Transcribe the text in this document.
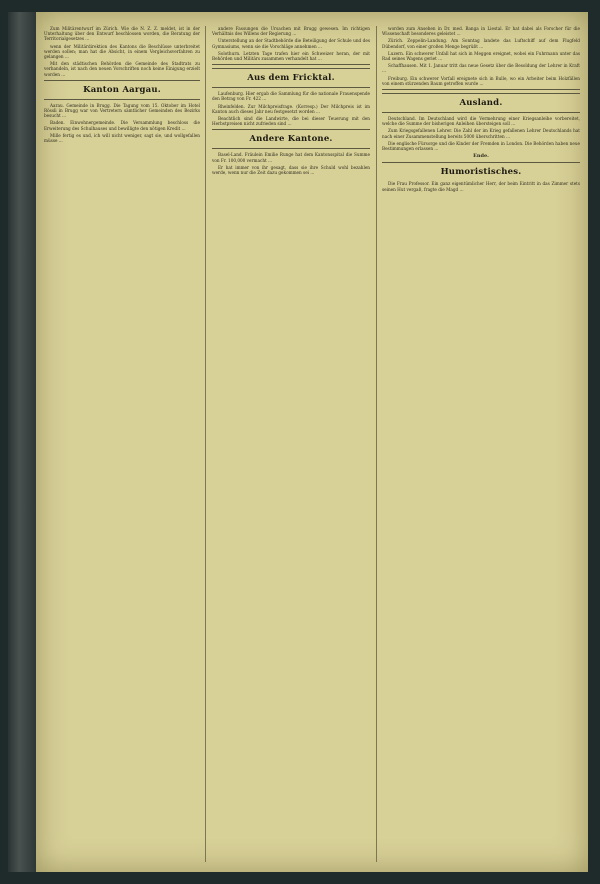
Zum Militärentwurf im Zürich. Wie die N. Z. Z. meldet, ist in der Unterhaltung über den Entwurf beschlossen worden, die Beratung der Territorialgesetzes ...

wenn der Militärdirektion des Kantons die Beschlüsse unterbreitet werden sollen; man hat die Absicht, in einem Vergleichsverfahren zu gelangen ...

Mit den städtischen Behörden die Gemeinde des Stadtrats zu verhandeln, ist nach den neuen Vorschriften noch keine Einigung erzielt worden ...

Kanton Aargau.

Aarau. Gemeinde in Brugg. Die Tagung vom 15. Oktober im Hotel Rössli in Brugg war von Vertretern sämtlicher Gemeinden des Bezirks besucht ...

Baden. Einwohnergemeinde. Die Versammlung beschloss die Erweiterung des Schulhauses und bewilligte den nötigen Kredit ...

Mille fertig es und, ich will nicht weniger, sagt sie, und wollgefallen müsse ...

andere Fassungen die Ursachen mit Brugg gewesen. Im richtigen Verhältnis des Willens der Regierung ...

Unterstellung an der Stadtbehörde die Beteiligung der Schule und des Gymnasiums, wenn sie die Vorschläge annehmen ...

Solothurn. Letzten Tage trafen hier ein Schweizer heran, der mit Behörden und Militärs zusammen verhandelt hat ...

Aus dem Fricktal.

Laufenburg. Hier ergab die Sammlung für die nationale Frauenspende den Betrag von Fr. 422 ...

Rheinfelden. Zur Milchpreisfrage. (Korresp.) Der Milchpreis ist im Kanton auch dieses Jahr neu festgesetzt worden ...

Beachtlich sind die Landwirte, die bei dieser Teuerung mit den Herbstpreisen nicht zufrieden sind ...

Andere Kantone.

Basel-Land. Fräulein Emilie Runge hat dem Kantonsspital die Summe von Fr. 100,000 vermacht ...

Er hat immer von ihr gesagt, dass sie ihre Schuld wohl bezahlen werde, wenn nur die Zeit dazu gekommen sei ...

worden zum Ansehen in Dr. med. Banga in Liestal. Er hat dabei als Forscher für die Wissenschaft besonderes geleistet ...

Zürich. Zeppelin-Landung. Am Sonntag landete das Luftschiff auf dem Flugfeld Dübendorf, von einer großen Menge begrüßt ...

Luzern. Ein schwerer Unfall hat sich in Meggen ereignet, wobei ein Fuhrmann unter das Rad seines Wagens geriet ...

Schaffhausen. Mit 1. Januar tritt das neue Gesetz über die Besoldung der Lehrer in Kraft ...

Freiburg. Ein schwerer Vorfall ereignete sich in Bulle, wo ein Arbeiter beim Holzfällen von einem stürzenden Baum getroffen wurde ...

Ausland.

Deutschland. Im Deutschland wird die Vermehrung einer Kriegsanleihe vorbereitet, welche die Summe der bisherigen Anleihen übersteigen soll ...

Zum Kriegsgefallenen Lehrer. Die Zahl der im Krieg gefallenen Lehrer Deutschlands hat nach einer Zusammenstellung bereits 5000 überschritten ...

Die englische Fürsorge und die Kinder der Fremden in London. Die Behörden haben neue Bestimmungen erlassen ...

Ende.
Humoristisches.

Die Frau Professor. Ein ganz eigentümlicher Herr, der beim Eintritt in das Zimmer stets seinen Hut vergaß, fragte die Magd ...
